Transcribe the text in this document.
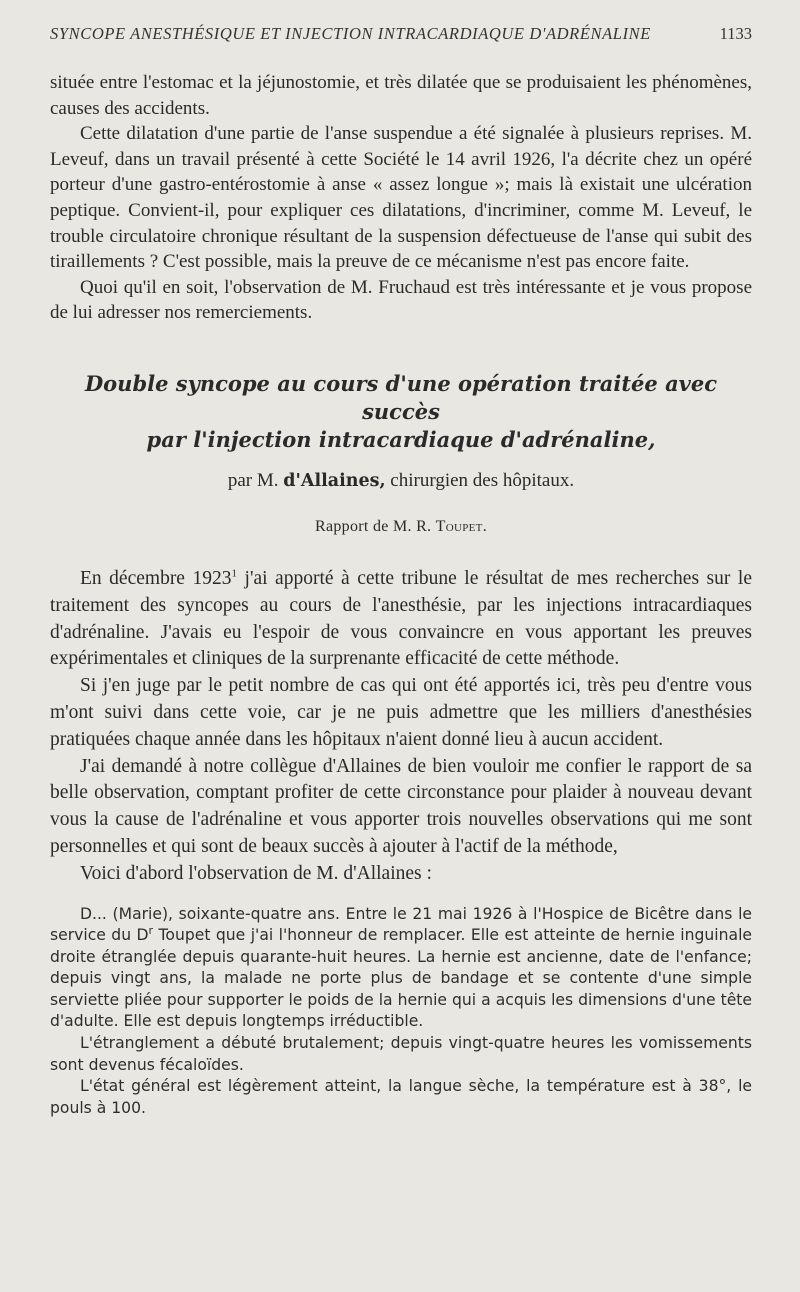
SYNCOPE ANESTHÉSIQUE ET INJECTION INTRACARDIAQUE D'ADRÉNALINE	1133

située entre l'estomac et la jéjunostomie, et très dilatée que se produisaient les phénomènes, causes des accidents.

Cette dilatation d'une partie de l'anse suspendue a été signalée à plusieurs reprises. M. Leveuf, dans un travail présenté à cette Société le 14 avril 1926, l'a décrite chez un opéré porteur d'une gastro-entérostomie à anse « assez longue »; mais là existait une ulcération peptique. Convient-il, pour expliquer ces dilatations, d'incriminer, comme M. Leveuf, le trouble circulatoire chronique résultant de la suspension défectueuse de l'anse qui subit des tiraillements ? C'est possible, mais la preuve de ce mécanisme n'est pas encore faite.

Quoi qu'il en soit, l'observation de M. Fruchaud est très intéressante et je vous propose de lui adresser nos remerciements.

Double syncope au cours d'une opération traitée avec succès
par l'injection intracardiaque d'adrénaline,
par M. d'Allaines, chirurgien des hôpitaux.
Rapport de M. R. Toupet.

En décembre 1923$^1$ j'ai apporté à cette tribune le résultat de mes recherches sur le traitement des syncopes au cours de l'anesthésie, par les injections intracardiaques d'adrénaline. J'avais eu l'espoir de vous convaincre en vous apportant les preuves expérimentales et cliniques de la surprenante efficacité de cette méthode.

Si j'en juge par le petit nombre de cas qui ont été apportés ici, très peu d'entre vous m'ont suivi dans cette voie, car je ne puis admettre que les milliers d'anesthésies pratiquées chaque année dans les hôpitaux n'aient donné lieu à aucun accident.

J'ai demandé à notre collègue d'Allaines de bien vouloir me confier le rapport de sa belle observation, comptant profiter de cette circonstance pour plaider à nouveau devant vous la cause de l'adrénaline et vous apporter trois nouvelles observations qui me sont personnelles et qui sont de beaux succès à ajouter à l'actif de la méthode,

Voici d'abord l'observation de M. d'Allaines :

D... (Marie), soixante-quatre ans. Entre le 21 mai 1926 à l'Hospice de Bicêtre dans le service du $D^r$ Toupet que j'ai l'honneur de remplacer. Elle est atteinte de hernie inguinale droite étranglée depuis quarante-huit heures. La hernie est ancienne, date de l'enfance; depuis vingt ans, la malade ne porte plus de bandage et se contente d'une simple serviette pliée pour supporter le poids de la hernie qui a acquis les dimensions d'une tête d'adulte. Elle est depuis longtemps irréductible.

L'étranglement a débuté brutalement; depuis vingt-quatre heures les vomissements sont devenus fécaloïdes.

L'état général est légèrement atteint, la langue sèche, la température est à 38°, le pouls à 100.
